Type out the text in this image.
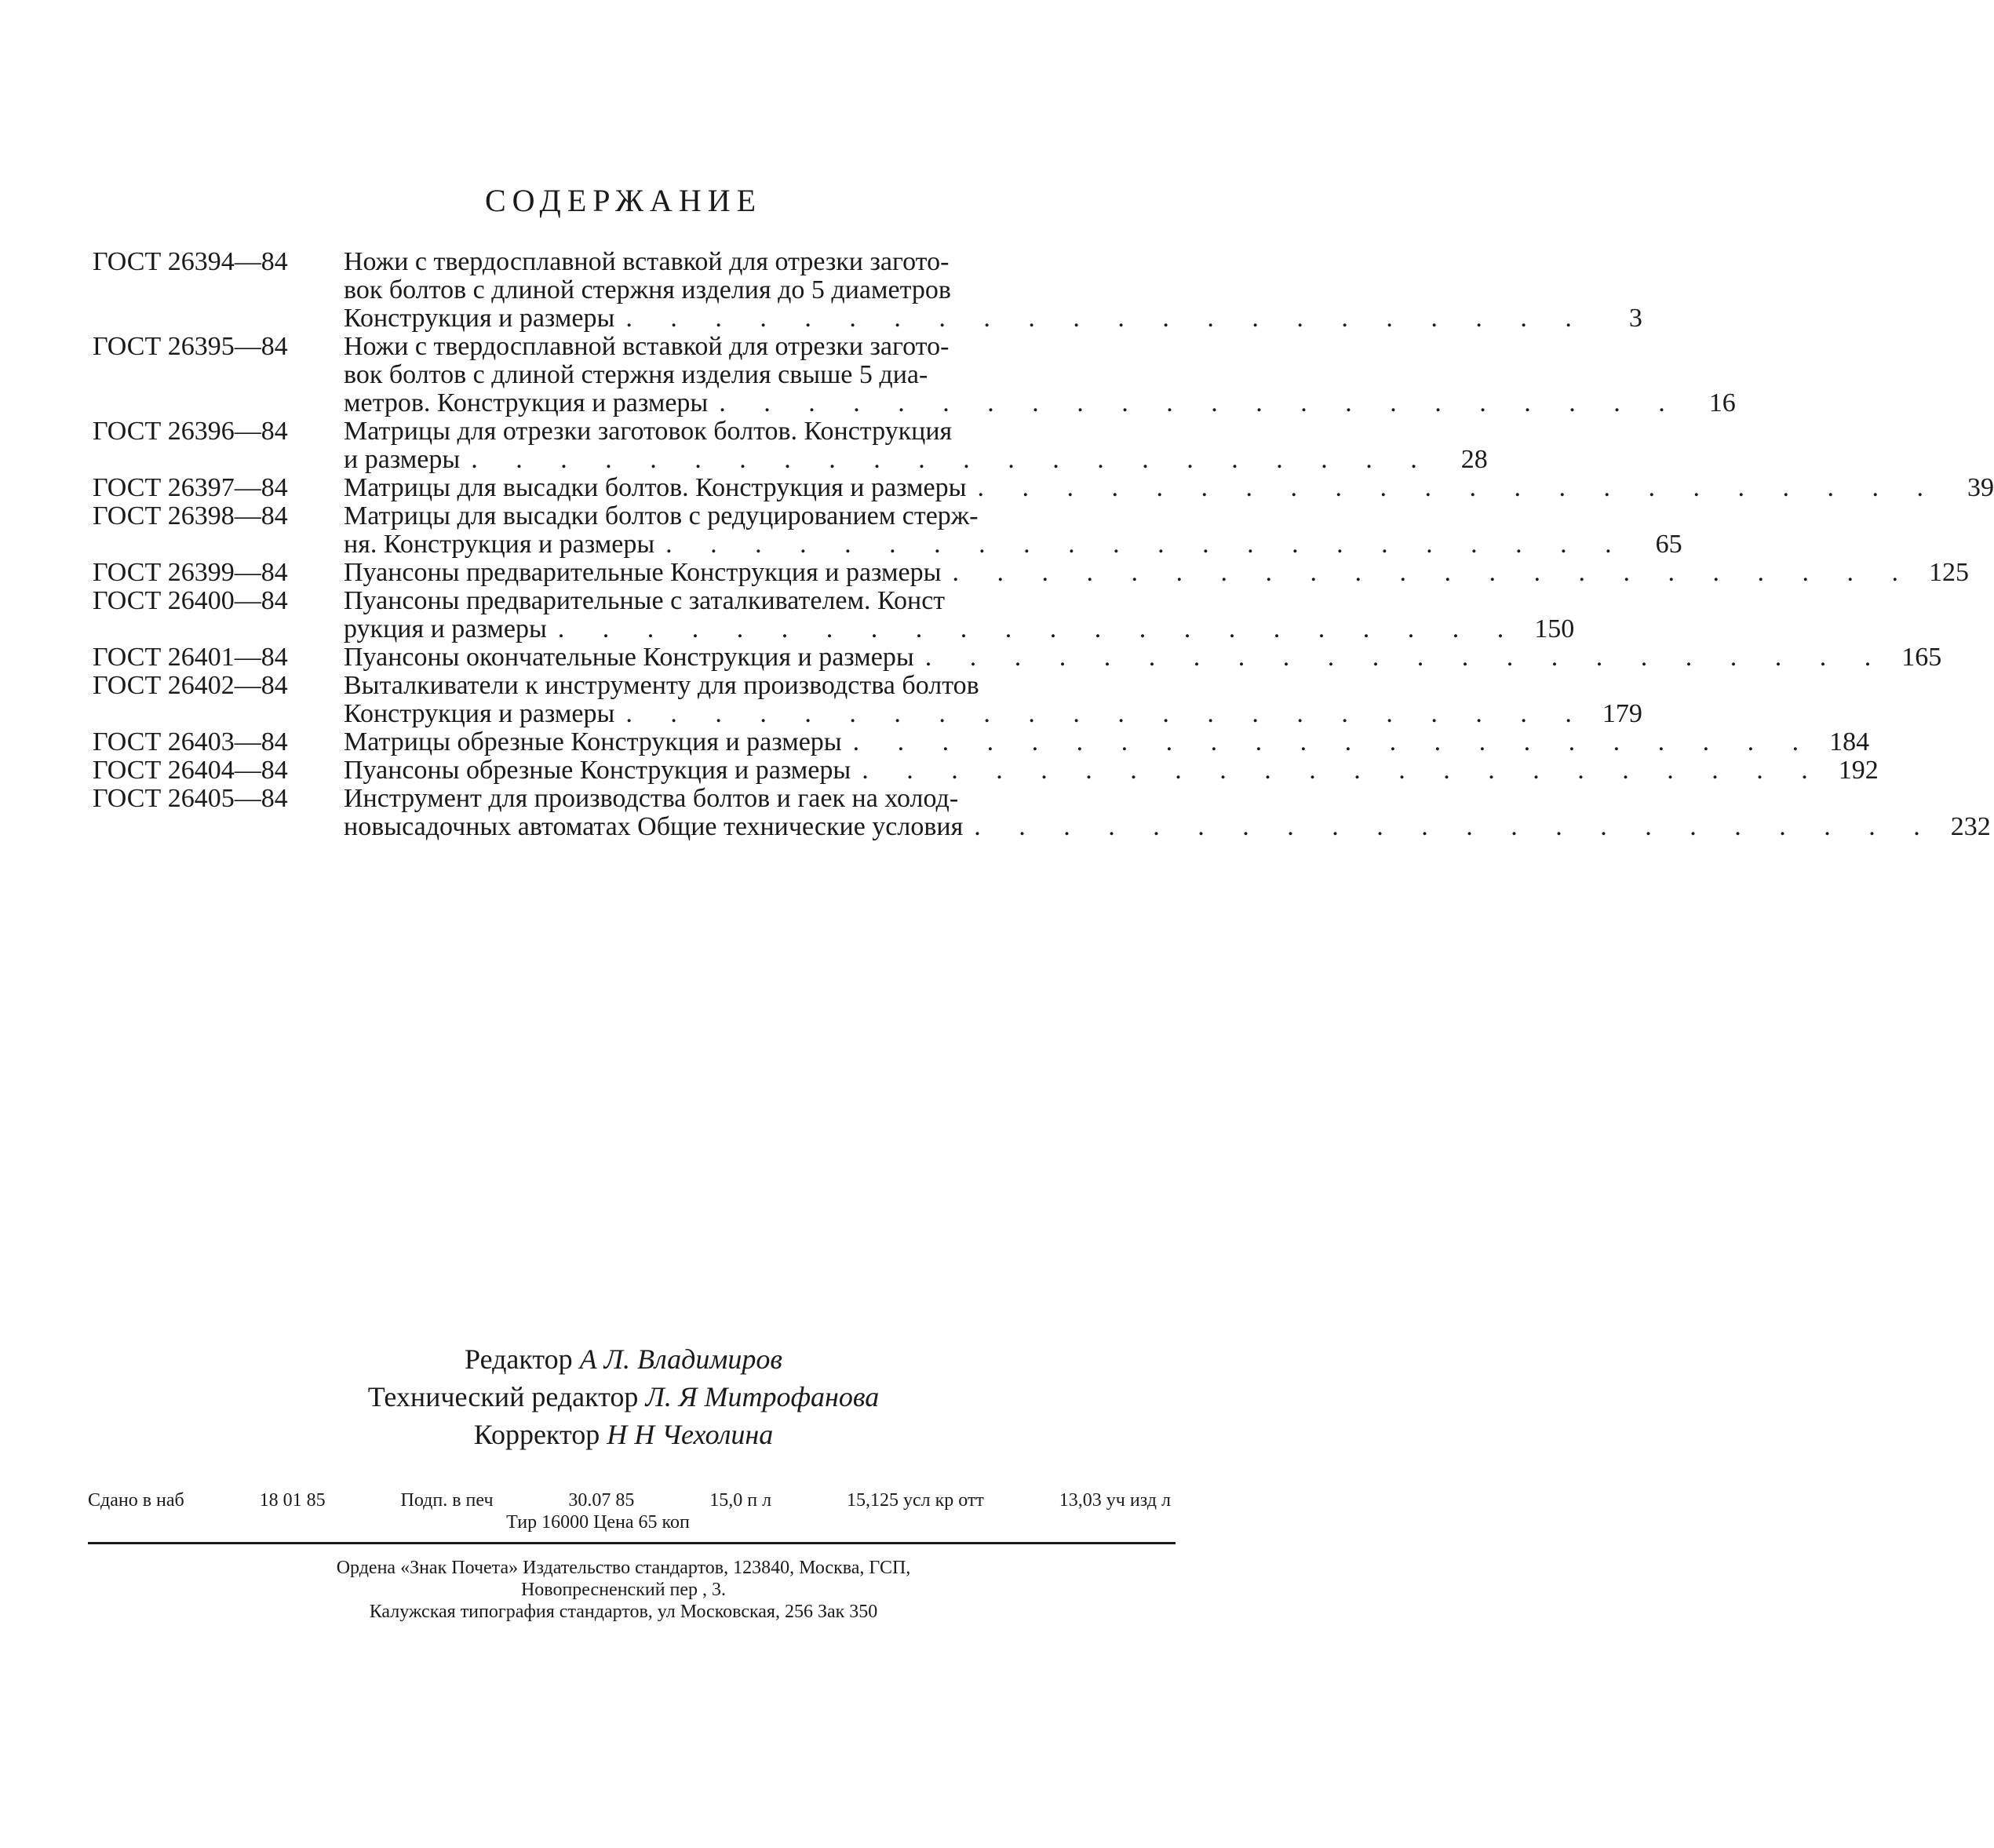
СОДЕРЖАНИЕ
ГОСТ 26394—84	Ножи с твердосплавной вставкой для отрезки загото-
вок болтов с длиной стержня изделия до 5 диаметров
Конструкция и размеры . . . . . . . . . . . . . . . . . . . . . .	3
ГОСТ 26395—84	Ножи с твердосплавной вставкой для отрезки загото-
вок болтов с длиной стержня изделия свыше 5 диа-
метров. Конструкция и размеры . . . . . . . . . . . . . . . . . . . . . .	16
ГОСТ 26396—84	Матрицы для отрезки заготовок болтов. Конструкция
и размеры . . . . . . . . . . . . . . . . . . . . . .	28
ГОСТ 26397—84	Матрицы для высадки болтов. Конструкция и размеры . . . . . . . . . . . . . . . . . . . . . .	39
ГОСТ 26398—84	Матрицы для высадки болтов с редуцированием стерж-
ня. Конструкция и размеры . . . . . . . . . . . . . . . . . . . . . .	65
ГОСТ 26399—84	Пуансоны предварительные Конструкция и размеры . . . . . . . . . . . . . . . . . . . . . . 125
ГОСТ 26400—84	Пуансоны предварительные с заталкивателем. Конст
рукция и размеры . . . . . . . . . . . . . . . . . . . . . . 150
ГОСТ 26401—84	Пуансоны окончательные Конструкция и размеры . . . . . . . . . . . . . . . . . . . . . . 165
ГОСТ 26402—84	Выталкиватели к инструменту для производства болтов
Конструкция и размеры . . . . . . . . . . . . . . . . . . . . . . 179
ГОСТ 26403—84	Матрицы обрезные Конструкция и размеры . . . . . . . . . . . . . . . . . . . . . . 184
ГОСТ 26404—84	Пуансоны обрезные Конструкция и размеры . . . . . . . . . . . . . . . . . . . . . . 192
ГОСТ 26405—84	Инструмент для производства болтов и гаек на холод-
новысадочных автоматах Общие технические условия . . . . . . . . . . . . . . . . . . . . . . 232
Редактор А Л. Владимиров
Технический редактор Л. Я Митрофанова
Корректор Н Н Чехолина
Сдано в наб	18 01 85	Подп. в печ	30.07 85	15,0 п л	15,125 усл кр отт	13,03 уч изд л
Тир 16000 Цена 65 коп
Ордена «Знак Почета» Издательство стандартов, 123840, Москва, ГСП,
Новопресненский пер , 3.
Калужская типография стандартов, ул Московская, 256 Зак 350
